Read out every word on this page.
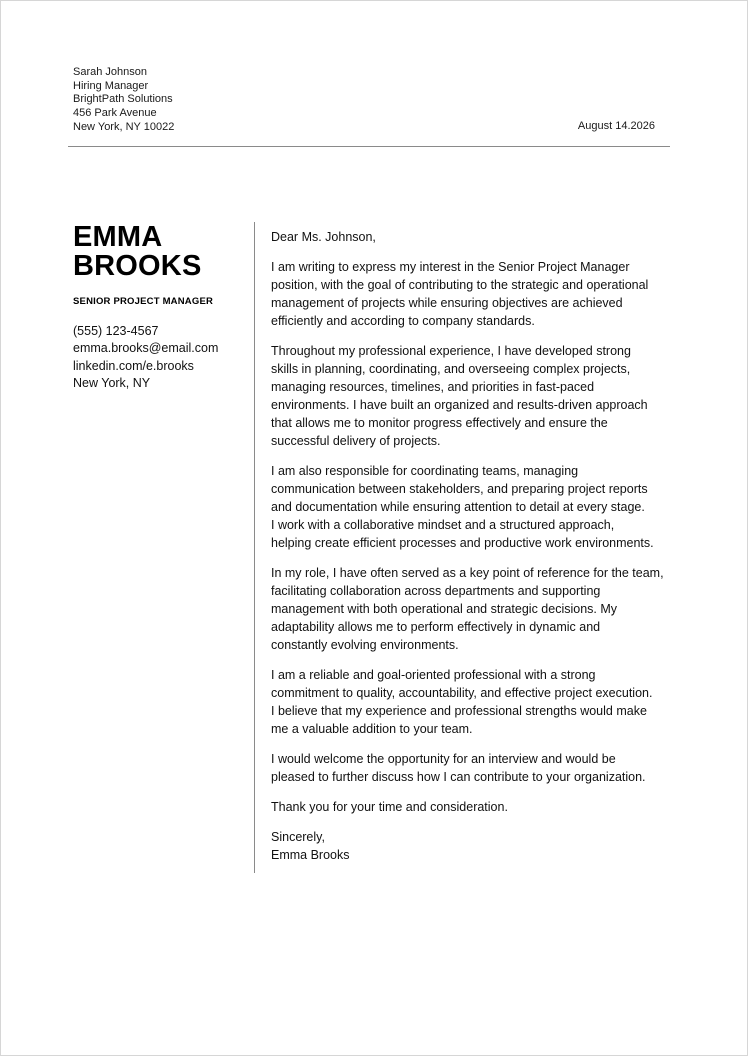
Sarah Johnson
Hiring Manager
BrightPath Solutions
456 Park Avenue
New York, NY 10022	August 14.2026
EMMA
BROOKS
SENIOR PROJECT MANAGER
(555) 123-4567
emma.brooks@email.com
linkedin.com/e.brooks
New York, NY

Dear Ms. Johnson,

I am writing to express my interest in the Senior Project Manager
position, with the goal of contributing to the strategic and operational
management of projects while ensuring objectives are achieved
efficiently and according to company standards.

Throughout my professional experience, I have developed strong
skills in planning, coordinating, and overseeing complex projects,
managing resources, timelines, and priorities in fast-paced
environments. I have built an organized and results-driven approach
that allows me to monitor progress effectively and ensure the
successful delivery of projects.

I am also responsible for coordinating teams, managing
communication between stakeholders, and preparing project reports
and documentation while ensuring attention to detail at every stage.
I work with a collaborative mindset and a structured approach,
helping create efficient processes and productive work environments.

In my role, I have often served as a key point of reference for the team,
facilitating collaboration across departments and supporting
management with both operational and strategic decisions. My
adaptability allows me to perform effectively in dynamic and
constantly evolving environments.

I am a reliable and goal-oriented professional with a strong
commitment to quality, accountability, and effective project execution.
I believe that my experience and professional strengths would make
me a valuable addition to your team.

I would welcome the opportunity for an interview and would be
pleased to further discuss how I can contribute to your organization.

Thank you for your time and consideration.

Sincerely,
Emma Brooks
